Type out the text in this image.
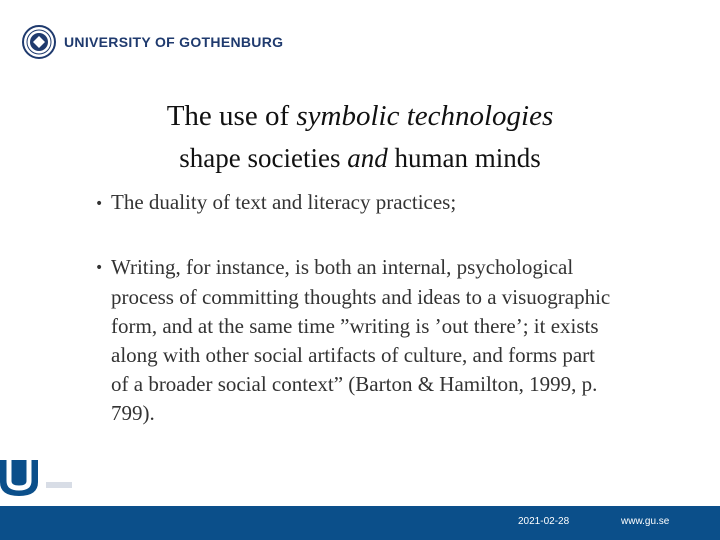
UNIVERSITY OF GOTHENBURG
The use of symbolic technologies
shape societies and human minds

• The duality of text and literacy practices;

• Writing, for instance, is both an internal, psychological process of committing thoughts and ideas to a visuographic form, and at the same time ”writing is ’out there’; it exists along with other social artifacts of culture, and forms part of a broader social context” (Barton & Hamilton, 1999, p. 799).

2021-02-28	www.gu.se
